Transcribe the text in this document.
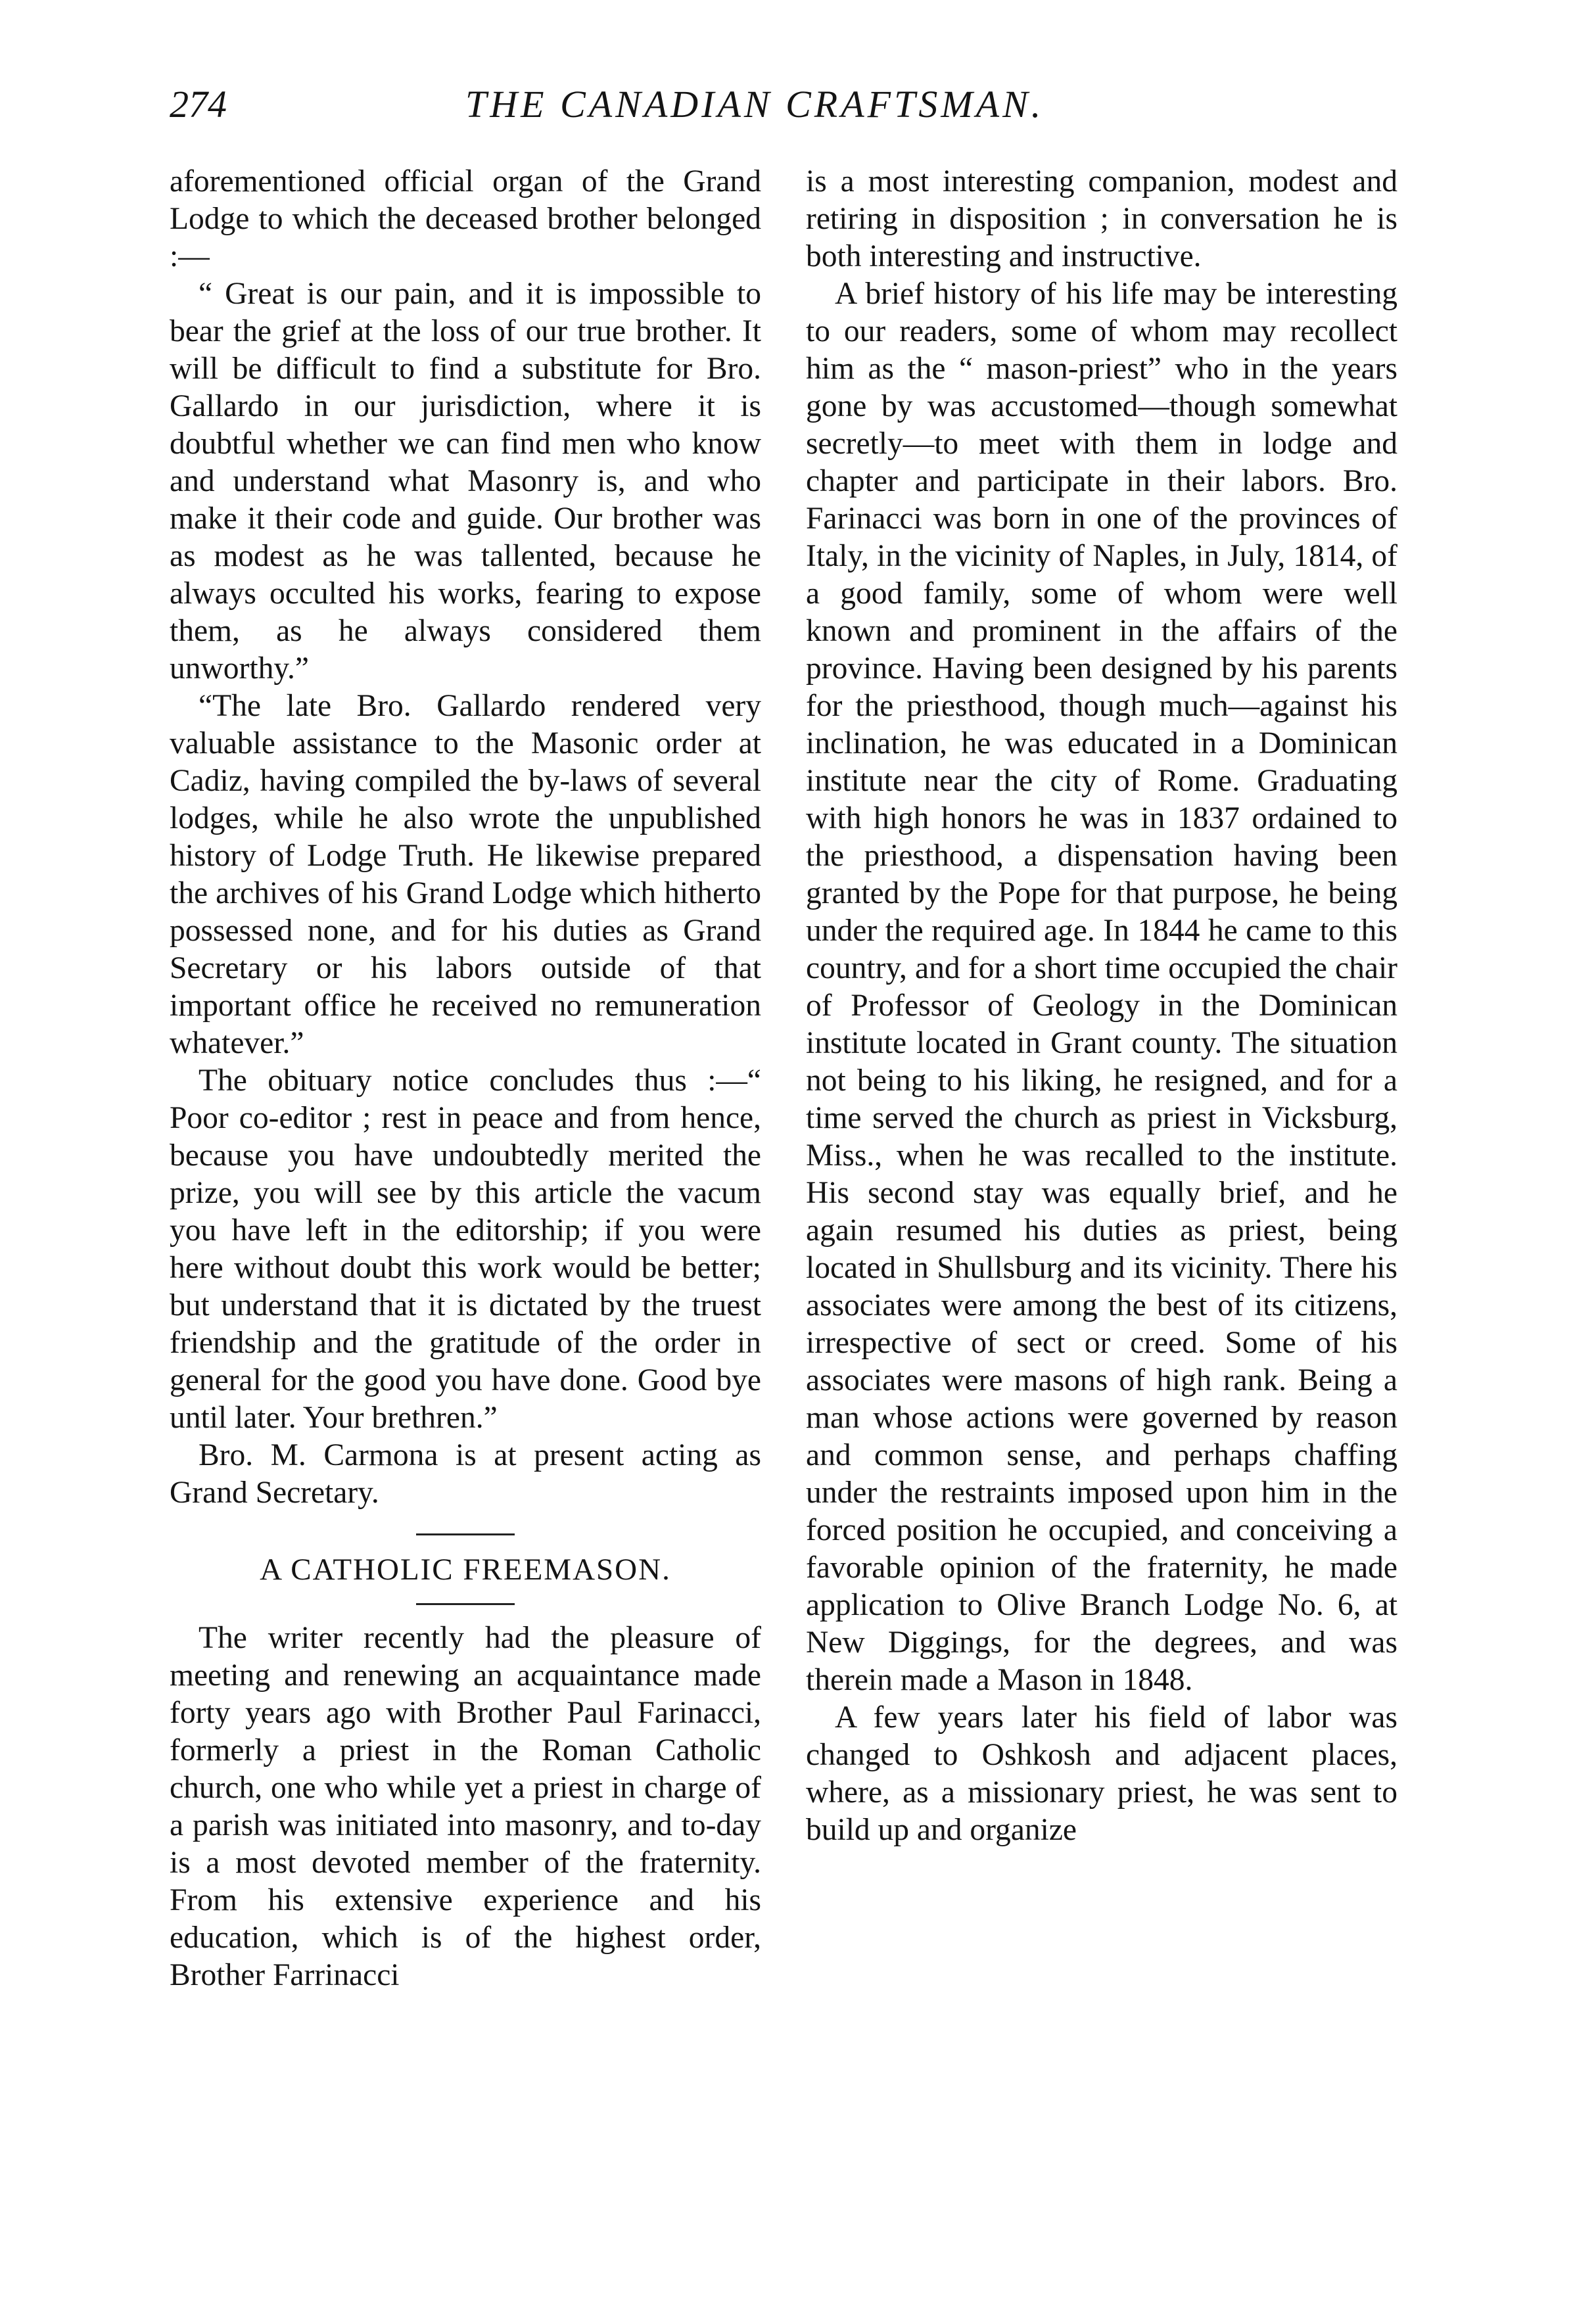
274	THE CANADIAN CRAFTSMAN.

aforementioned official organ of the Grand Lodge to which the deceased brother belonged :—

“ Great is our pain, and it is impossible to bear the grief at the loss of our true brother. It will be difficult to find a substitute for Bro. Gallardo in our jurisdiction, where it is doubtful whether we can find men who know and understand what Masonry is, and who make it their code and guide. Our brother was as modest as he was tallented, because he always occulted his works, fearing to expose them, as he always considered them unworthy.”

“The late Bro. Gallardo rendered very valuable assistance to the Masonic order at Cadiz, having compiled the by-laws of several lodges, while he also wrote the unpublished history of Lodge Truth. He likewise prepared the archives of his Grand Lodge which hitherto possessed none, and for his duties as Grand Secretary or his labors outside of that important office he received no remuneration whatever.”

The obituary notice concludes thus :—“ Poor co-editor ; rest in peace and from hence, because you have undoubtedly merited the prize, you will see by this article the vacum you have left in the editorship; if you were here without doubt this work would be better; but understand that it is dictated by the truest friendship and the gratitude of the order in general for the good you have done. Good bye until later. Your brethren.”

Bro. M. Carmona is at present acting as Grand Secretary.

A CATHOLIC FREEMASON.

The writer recently had the pleasure of meeting and renewing an acquaintance made forty years ago with Brother Paul Farinacci, formerly a priest in the Roman Catholic church, one who while yet a priest in charge of a parish was initiated into masonry, and to-day is a most devoted member of the fraternity. From his extensive experience and his education, which is of the highest order, Brother Farrinacci

is a most interesting companion, modest and retiring in disposition ; in conversation he is both interesting and instructive.

A brief history of his life may be interesting to our readers, some of whom may recollect him as the “ mason-priest” who in the years gone by was accustomed—though somewhat secretly—to meet with them in lodge and chapter and participate in their labors. Bro. Farinacci was born in one of the provinces of Italy, in the vicinity of Naples, in July, 1814, of a good family, some of whom were well known and prominent in the affairs of the province. Having been designed by his parents for the priesthood, though much—against his inclination, he was educated in a Dominican institute near the city of Rome. Graduating with high honors he was in 1837 ordained to the priesthood, a dispensation having been granted by the Pope for that purpose, he being under the required age. In 1844 he came to this country, and for a short time occupied the chair of Professor of Geology in the Dominican institute located in Grant county. The situation not being to his liking, he resigned, and for a time served the church as priest in Vicksburg, Miss., when he was recalled to the institute. His second stay was equally brief, and he again resumed his duties as priest, being located in Shullsburg and its vicinity. There his associates were among the best of its citizens, irrespective of sect or creed. Some of his associates were masons of high rank. Being a man whose actions were governed by reason and common sense, and perhaps chaffing under the restraints imposed upon him in the forced position he occupied, and conceiving a favorable opinion of the fraternity, he made application to Olive Branch Lodge No. 6, at New Diggings, for the degrees, and was therein made a Mason in 1848.

A few years later his field of labor was changed to Oshkosh and adjacent places, where, as a missionary priest, he was sent to build up and organize
